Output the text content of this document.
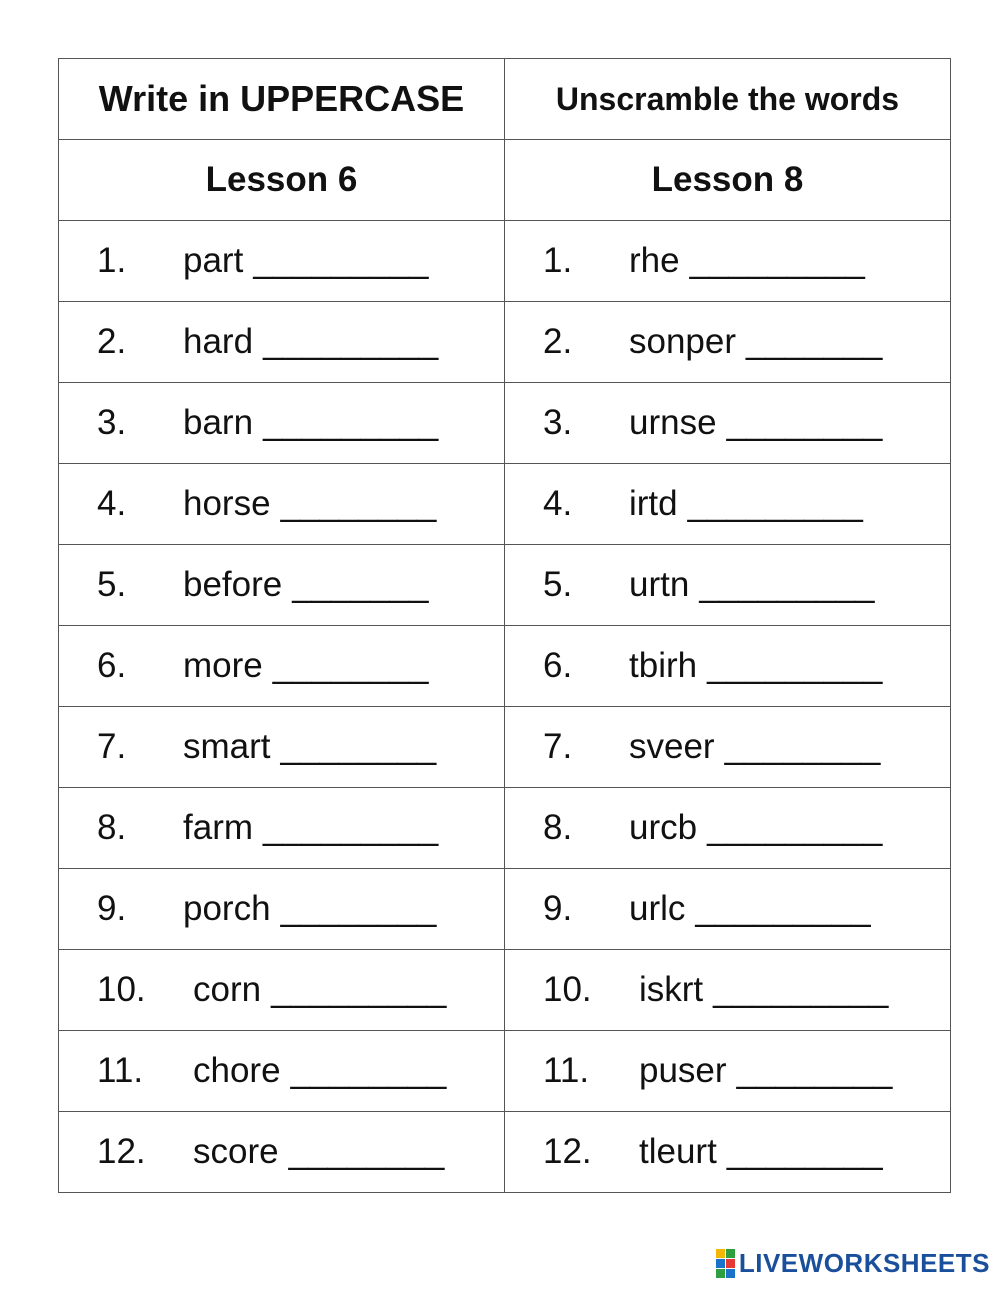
Write in UPPERCASE	Unscramble the words
Lesson 6	Lesson 8

1. part _________	1. rhe _________

2. hard _________	2. sonper _______

3. barn _________	3. urnse ________

4. horse ________	4. irtd _________

5. before _______	5. urtn _________

6. more ________	6. tbirh _________

7. smart ________	7. sveer ________

8. farm _________	8. urcb _________

9. porch ________	9. urlc _________

10. corn _________	10. iskrt _________

11. chore ________	11. puser ________

12. score ________	12. tleurt ________
LIVEWORKSHEETS
